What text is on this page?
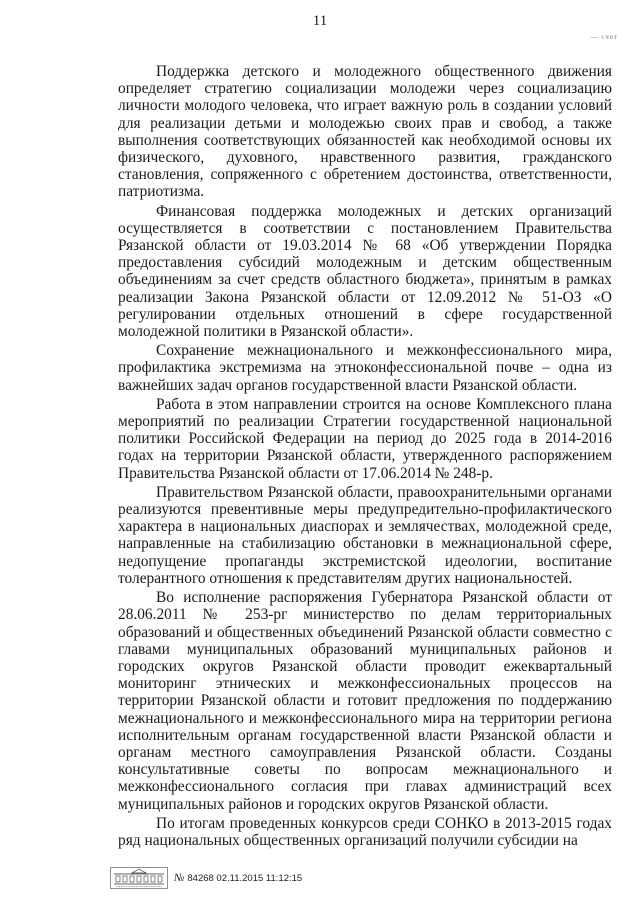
11
— счет

Поддержка детского и молодежного общественного движения определяет стратегию социализации молодежи через социализацию личности молодого человека, что играет важную роль в создании условий для реализации детьми и молодежью своих прав и свобод, а также выполнения соответствующих обязанностей как необходимой основы их физического, духовного, нравственного развития, гражданского становления, сопряженного с обретением достоинства, ответственности, патриотизма.

Финансовая поддержка молодежных и детских организаций осуществляется в соответствии с постановлением Правительства Рязанской области от 19.03.2014 № 68 «Об утверждении Порядка предоставления субсидий молодежным и детским общественным объединениям за счет средств областного бюджета», принятым в рамках реализации Закона Рязанской области от 12.09.2012 № 51-ОЗ «О регулировании отдельных отношений в сфере государственной молодежной политики в Рязанской области».

Сохранение межнационального и межконфессионального мира, профилактика экстремизма на этноконфессиональной почве – одна из важнейших задач органов государственной власти Рязанской области.

Работа в этом направлении строится на основе Комплексного плана мероприятий по реализации Стратегии государственной национальной политики Российской Федерации на период до 2025 года в 2014-2016 годах на территории Рязанской области, утвержденного распоряжением Правительства Рязанской области от 17.06.2014 № 248-р.

Правительством Рязанской области, правоохранительными органами реализуются превентивные меры предупредительно-профилактического характера в национальных диаспорах и землячествах, молодежной среде, направленные на стабилизацию обстановки в межнациональной сфере, недопущение пропаганды экстремистской идеологии, воспитание толерантного отношения к представителям других национальностей.

Во исполнение распоряжения Губернатора Рязанской области от 28.06.2011 № 253-рг министерство по делам территориальных образований и общественных объединений Рязанской области совместно с главами муниципальных образований муниципальных районов и городских округов Рязанской области проводит ежеквартальный мониторинг этнических и межконфессиональных процессов на территории Рязанской области и готовит предложения по поддержанию межнационального и межконфессионального мира на территории региона исполнительным органам государственной власти Рязанской области и органам местного самоуправления Рязанской области. Созданы консультативные советы по вопросам межнационального и межконфессионального согласия при главах администраций всех муниципальных районов и городских округов Рязанской области.

По итогам проведенных конкурсов среди СОНКО в 2013-2015 годах ряд национальных общественных организаций получили субсидии на

№ 84268 02.11.2015 11:12:15
